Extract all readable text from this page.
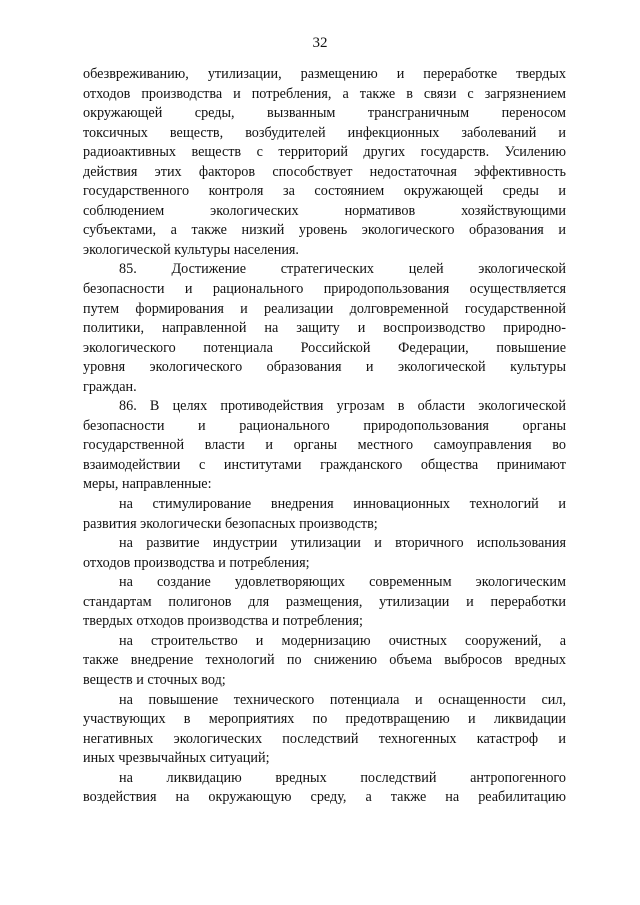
32
обезвреживанию, утилизации, размещению и переработке твердых
отходов производства и потребления, а также в связи с загрязнением
окружающей среды, вызванным трансграничным переносом
токсичных веществ, возбудителей инфекционных заболеваний и
радиоактивных веществ с территорий других государств. Усилению
действия этих факторов способствует недостаточная эффективность
государственного контроля за состоянием окружающей среды и
соблюдением экологических нормативов хозяйствующими
субъектами, а также низкий уровень экологического образования и
экологической культуры населения.
85. Достижение стратегических целей экологической
безопасности и рационального природопользования осуществляется
путем формирования и реализации долговременной государственной
политики, направленной на защиту и воспроизводство природно-
экологического потенциала Российской Федерации, повышение
уровня экологического образования и экологической культуры
граждан.
86. В целях противодействия угрозам в области экологической
безопасности и рационального природопользования органы
государственной власти и органы местного самоуправления во
взаимодействии с институтами гражданского общества принимают
меры, направленные:
на стимулирование внедрения инновационных технологий и
развития экологически безопасных производств;
на развитие индустрии утилизации и вторичного использования
отходов производства и потребления;
на создание удовлетворяющих современным экологическим
стандартам полигонов для размещения, утилизации и переработки
твердых отходов производства и потребления;
на строительство и модернизацию очистных сооружений, а
также внедрение технологий по снижению объема выбросов вредных
веществ и сточных вод;
на повышение технического потенциала и оснащенности сил,
участвующих в мероприятиях по предотвращению и ликвидации
негативных экологических последствий техногенных катастроф и
иных чрезвычайных ситуаций;
на ликвидацию вредных последствий антропогенного
воздействия на окружающую среду, а также на реабилитацию
